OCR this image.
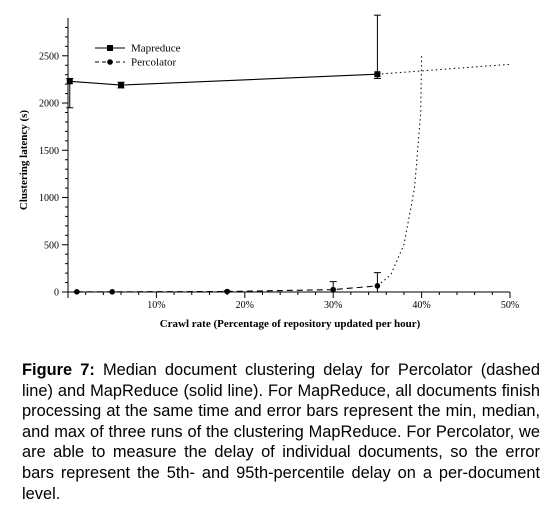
0
500
1000
1500
2000
2500
10%	20%	30%	40%	50%
Crawl rate (Percentage of repository updated per hour)
Clustering latency (s)
Mapreduce
Percolator

Figure 7: Median document clustering delay for Percolator (dashed line) and MapReduce (solid line). For MapReduce, all documents finish processing at the same time and error bars represent the min, median, and max of three runs of the clustering MapReduce. For Percolator, we are able to measure the delay of individual documents, so the error bars represent the 5th- and 95th-percentile delay on a per-document level.
